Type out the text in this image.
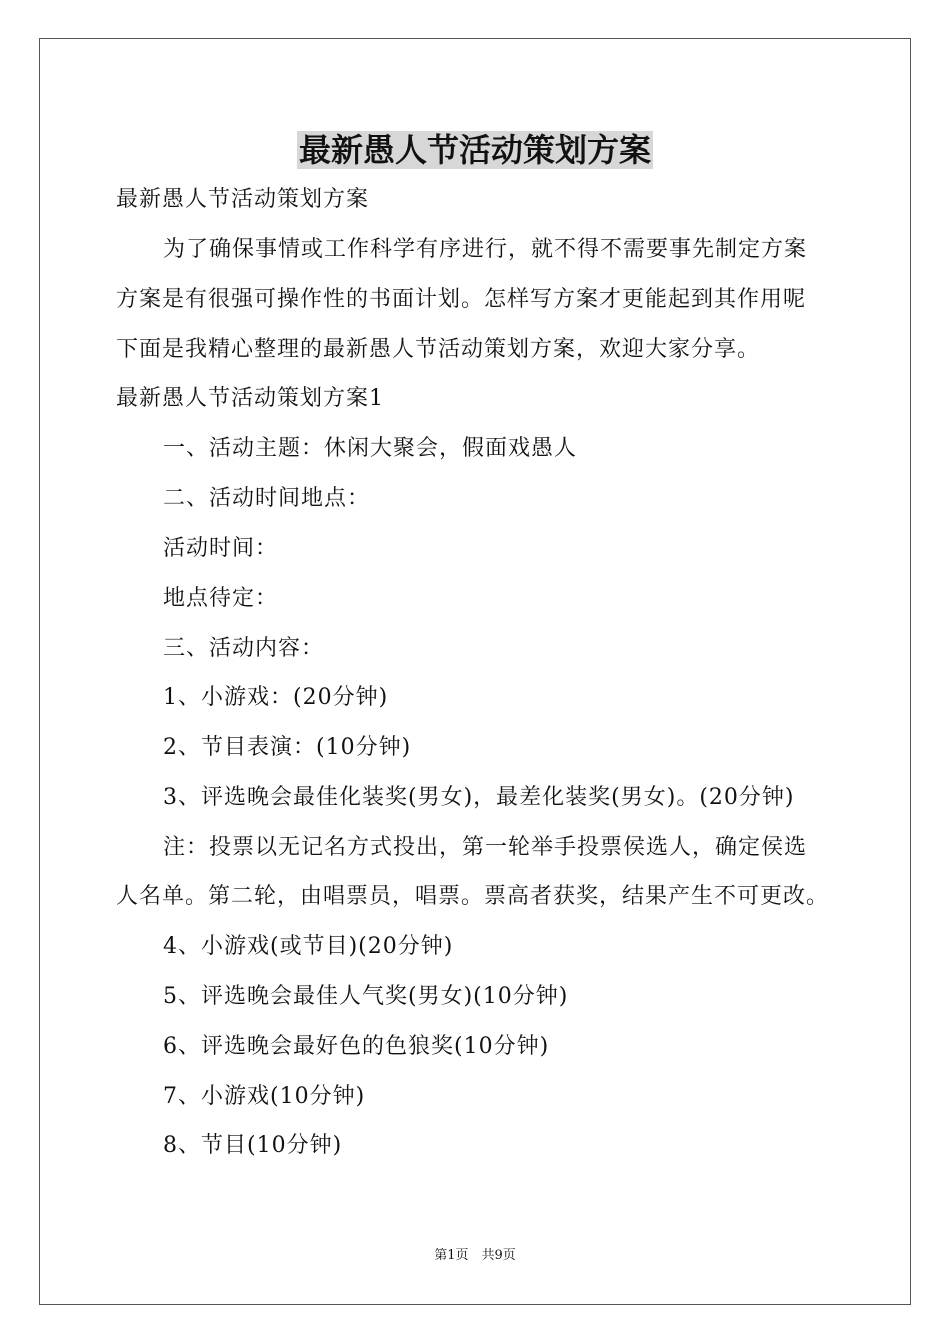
最新愚人节活动策划方案
最新愚人节活动策划方案
为了确保事情或工作科学有序进行，就不得不需要事先制定方案
方案是有很强可操作性的书面计划。怎样写方案才更能起到其作用呢
下面是我精心整理的最新愚人节活动策划方案，欢迎大家分享。
最新愚人节活动策划方案1
一、活动主题：休闲大聚会，假面戏愚人
二、活动时间地点：
活动时间：
地点待定：
三、活动内容：
1、小游戏：(20分钟)
2、节目表演：(10分钟)
3、评选晚会最佳化装奖(男女)，最差化装奖(男女)。(20分钟)
注：投票以无记名方式投出，第一轮举手投票侯选人，确定侯选
人名单。第二轮，由唱票员，唱票。票高者获奖，结果产生不可更改。
4、小游戏(或节目)(20分钟)
5、评选晚会最佳人气奖(男女)(10分钟)
6、评选晚会最好色的色狼奖(10分钟)
7、小游戏(10分钟)
8、节目(10分钟)
第1页　共9页
